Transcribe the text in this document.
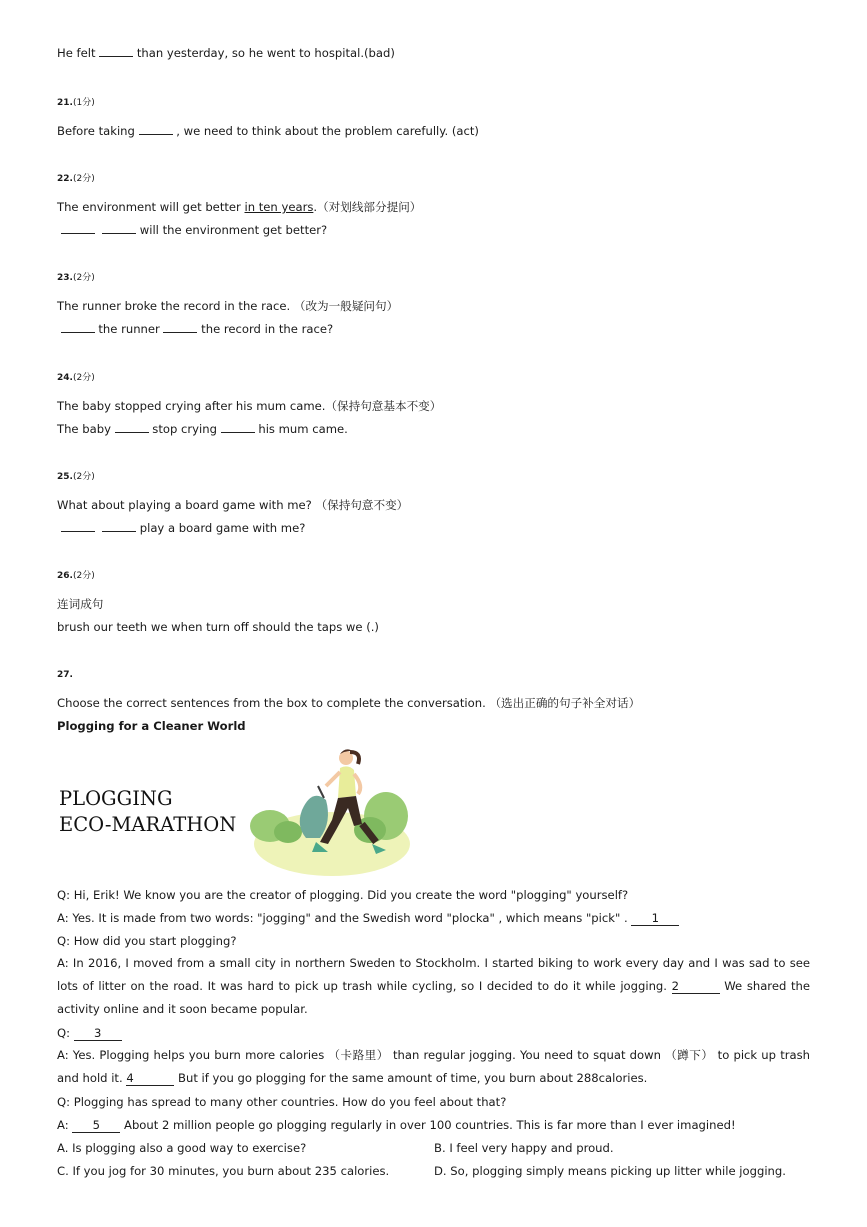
He felt	than yesterday, so he went to hospital.(bad)
21.(1分)
Before taking	, we need to think about the problem carefully. (act)
22.(2分)
The environment will get better in ten years.（对划线部分提问）
will the environment get better?
23.(2分)
The runner broke the record in the race. （改为一般疑问句）
the runner	the record in the race?
24.(2分)
The baby stopped crying after his mum came.（保持句意基本不变）
The baby	stop crying	his mum came.
25.(2分)
What about playing a board game with me? （保持句意不变）
play a board game with me?
26.(2分)
连词成句
brush our teeth we when turn off should the taps we (.)
27.
Choose the correct sentences from the box to complete the conversation. （选出正确的句子补全对话）
Plogging for a Cleaner World
PLOGGING
ECO-MARATHON
Q: Hi, Erik! We know you are the creator of plogging. Did you create the word "plogging" yourself?
A: Yes. It is made from two words: "jogging" and the Swedish word "plocka" , which means "pick" . 1
Q: How did you start plogging?
A: In 2016, I moved from a small city in northern Sweden to Stockholm. I started biking to work every day and I was sad to see lots of litter on the road. It was hard to pick up trash while cycling, so I decided to do it while jogging. 2	We shared the activity online and it soon became popular.
Q: 3
A: Yes. Plogging helps you burn more calories （卡路里） than regular jogging. You need to squat down （蹲下） to pick up trash and hold it. 4	But if you go plogging for the same amount of time, you burn about 288calories.
Q: Plogging has spread to many other countries. How do you feel about that?
A: 5 About 2 million people go plogging regularly in over 100 countries. This is far more than I ever imagined!
A. Is plogging also a good way to exercise?	B. I feel very happy and proud.
C. If you jog for 30 minutes, you burn about 235 calories.	D. So, plogging simply means picking up litter while jogging.
